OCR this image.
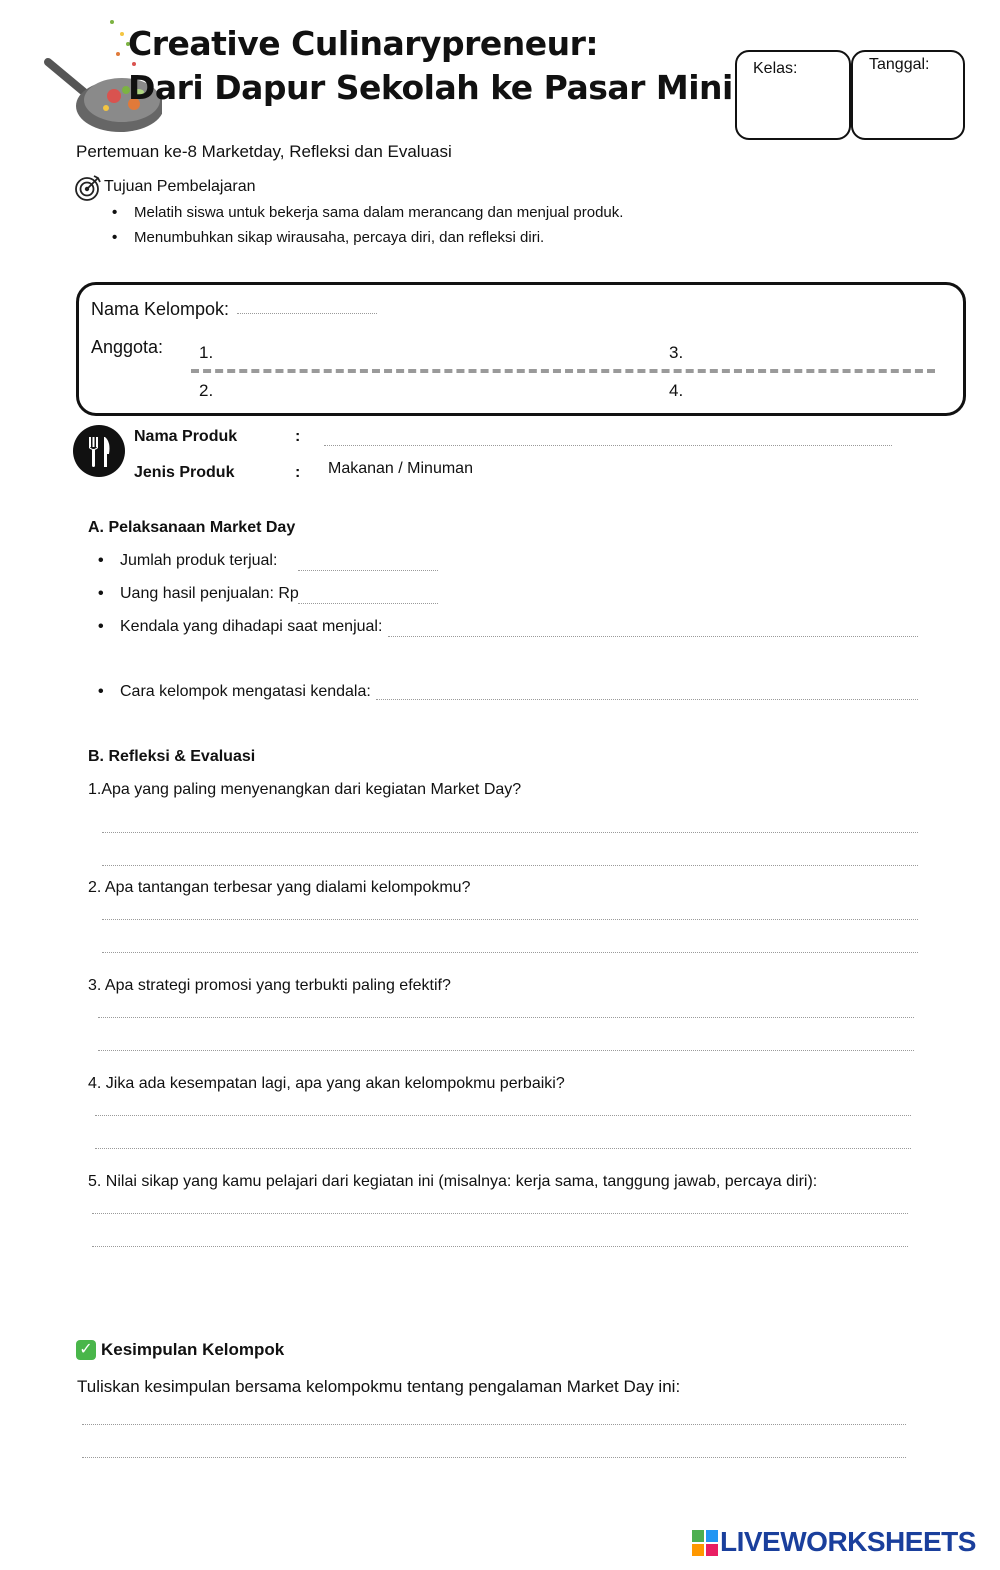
Creative Culinarypreneur:
Dari Dapur Sekolah ke Pasar Mini Kelas:	Tanggal:
Pertemuan ke-8 Marketday, Refleksi dan Evaluasi
Tujuan Pembelajaran
• Melatih siswa untuk bekerja sama dalam merancang dan menjual produk.
• Menumbuhkan sikap wirausaha, percaya diri, dan refleksi diri.
Nama Kelompok:
Anggota: 1.	3.
2.	4.
Nama Produk	:
Jenis Produk	: Makanan / Minuman
A. Pelaksanaan Market Day
• Jumlah produk terjual:
• Uang hasil penjualan: Rp
• Kendala yang dihadapi saat menjual:
• Cara kelompok mengatasi kendala:
B. Refleksi & Evaluasi
1.Apa yang paling menyenangkan dari kegiatan Market Day?
2. Apa tantangan terbesar yang dialami kelompokmu?
3. Apa strategi promosi yang terbukti paling efektif?
4. Jika ada kesempatan lagi, apa yang akan kelompokmu perbaiki?
5. Nilai sikap yang kamu pelajari dari kegiatan ini (misalnya: kerja sama, tanggung jawab, percaya diri):
✓ Kesimpulan Kelompok
Tuliskan kesimpulan bersama kelompokmu tentang pengalaman Market Day ini:
LIVEWORKSHEETS
